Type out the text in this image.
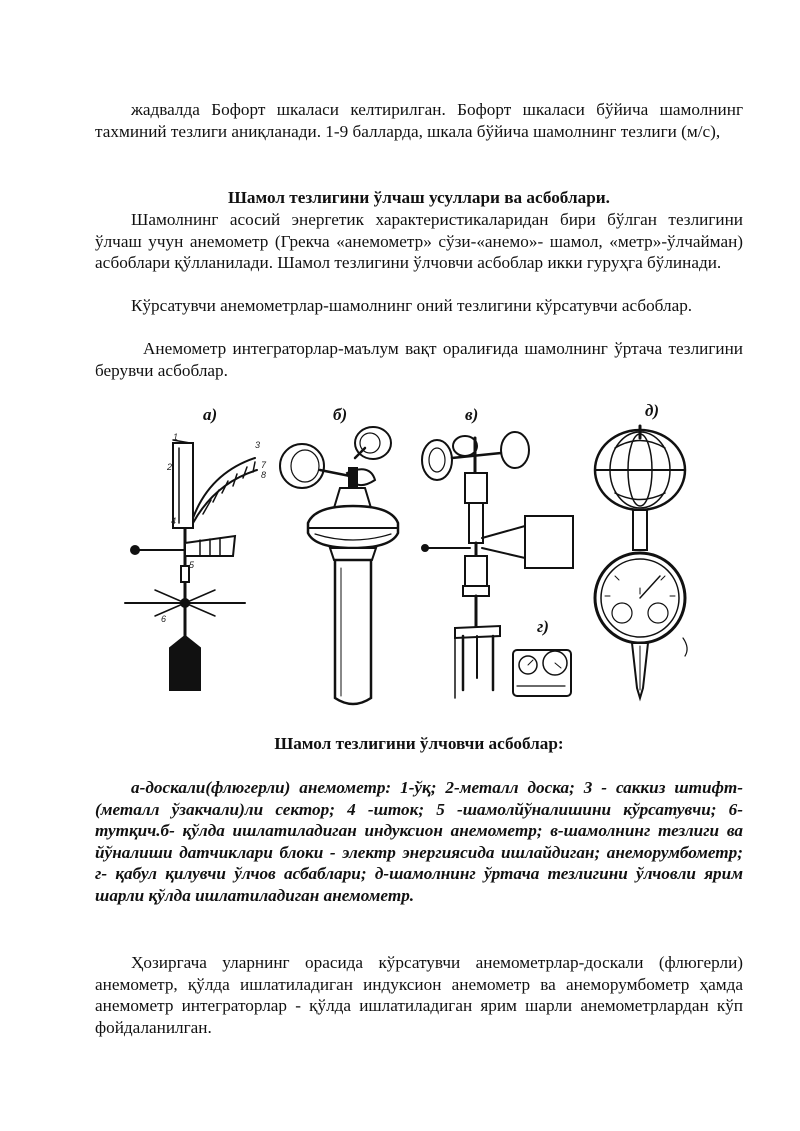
жадвалда Бофорт шкаласи келтирилган. Бофорт шкаласи бўйича шамолнинг тахминий тезлиги аниқланади. 1-9 балларда, шкала бўйича шамолнинг тезлиги (м/с),

Шамол тезлигини ўлчаш усуллари ва асбоблари.

Шамолнинг асосий энергетик характеристикаларидан бири бўлган тезлигини ўлчаш учун анемометр (Грекча «анемометр» сўзи-«анемо»- шамол, «метр»-ўлчайман) асбоблари қўлланилади. Шамол тезлигини ўлчовчи асбоблар икки гуруҳга бўлинади.

Кўрсатувчи анемометрлар-шамолнинг оний тезлигини кўрсатувчи асбоблар.

Анемометр интеграторлар-маълум вақт оралиғида шамолнинг ўртача тезлигини берувчи асбоблар.

Шамол тезлигини ўлчовчи асбоблар:

а-доскали(флюгерли) анемометр: 1-ўқ; 2-металл доска; 3 - саккиз штифт- (металл ўзакчали)ли сектор; 4 -шток; 5 -шамолйўналишини кўрсатувчи; 6-тутқич.б- қўлда ишлатиладиган индуксион анемометр; в-шамолнинг тезлиги ва йўналиши датчиклари блоки - электр энергиясида ишлайдиган; анеморумбометр; г- қабул қилувчи ўлчов асбаблари; д-шамолнинг ўртача тезлигини ўлчовли ярим шарли қўлда ишлатиладиган анемометр.

Ҳозиргача уларнинг орасида кўрсатувчи анемометрлар-доскали (флюгерли) анемометр, қўлда ишлатиладиган индуксион анемометр ва анеморумбометр ҳамда анемометр интеграторлар - қўлда ишлатиладиган ярим шарли анемометрлардан кўп фойдаланилган.

а)	б)	в)
г)
д)
1
2
3
4
5
6
7
8
